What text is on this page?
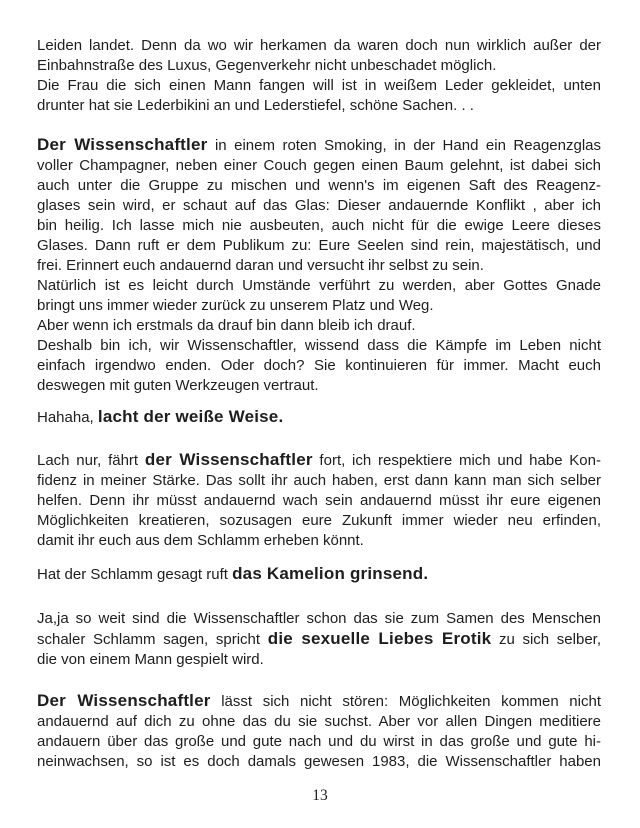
Leiden landet. Denn da wo wir herkamen da waren doch nun wirklich außer der
Einbahnstraße des Luxus, Gegenverkehr nicht unbeschadet möglich.
Die Frau die sich einen Mann fangen will ist in weißem Leder gekleidet, unten
drunter hat sie Lederbikini an und Lederstiefel, schöne Sachen. . .
Der Wissenschaftler in einem roten Smoking, in der Hand ein Reagenzglas
voller Champagner, neben einer Couch gegen einen Baum gelehnt, ist dabei sich
auch unter die Gruppe zu mischen und wenn's im eigenen Saft des Reagenz-
glases sein wird, er schaut auf das Glas: Dieser andauernde Konflikt , aber ich
bin heilig. Ich lasse mich nie ausbeuten, auch nicht für die ewige Leere dieses
Glases. Dann ruft er dem Publikum zu: Eure Seelen sind rein, majestätisch, und
frei. Erinnert euch andauernd daran und versucht ihr selbst zu sein.
Natürlich ist es leicht durch Umstände verführt zu werden, aber Gottes Gnade
bringt uns immer wieder zurück zu unserem Platz und Weg.
Aber wenn ich erstmals da drauf bin dann bleib ich drauf.
Deshalb bin ich, wir Wissenschaftler, wissend dass die Kämpfe im Leben nicht
einfach irgendwo enden. Oder doch? Sie kontinuieren für immer. Macht euch
deswegen mit guten Werkzeugen vertraut.
Hahaha, lacht der weiße Weise.
Lach nur, fährt der Wissenschaftler fort, ich respektiere mich und habe Kon-
fidenz in meiner Stärke. Das sollt ihr auch haben, erst dann kann man sich selber
helfen. Denn ihr müsst andauernd wach sein andauernd müsst ihr eure eigenen
Möglichkeiten kreatieren, sozusagen eure Zukunft immer wieder neu erfinden,
damit ihr euch aus dem Schlamm erheben könnt.
Hat der Schlamm gesagt ruft das Kamelion grinsend.
Ja,ja so weit sind die Wissenschaftler schon das sie zum Samen des Menschen
schaler Schlamm sagen, spricht die sexuelle Liebes Erotik zu sich selber,
die von einem Mann gespielt wird.
Der Wissenschaftler lässt sich nicht stören: Möglichkeiten kommen nicht
andauernd auf dich zu ohne das du sie suchst. Aber vor allen Dingen meditiere
andauern über das große und gute nach und du wirst in das große und gute hi-
neinwachsen, so ist es doch damals gewesen 1983, die Wissenschaftler haben
13
